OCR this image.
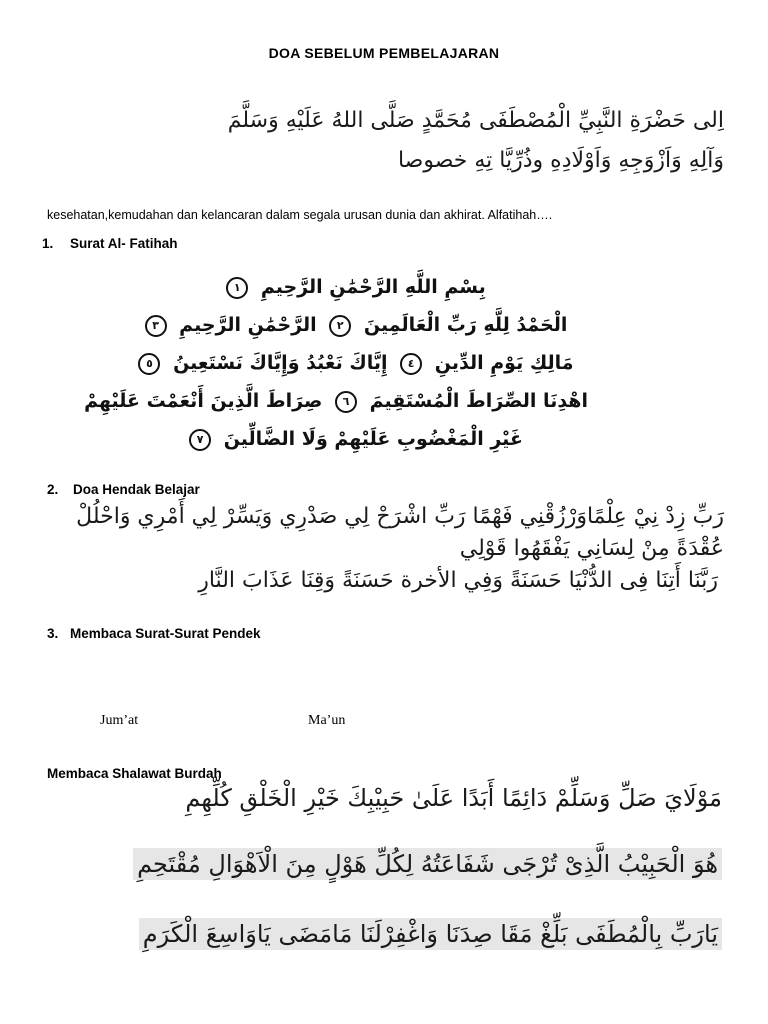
DOA SEBELUM PEMBELAJARAN
اِلى حَضْرَةِ النَّبِيِّ الْمُصْطَفَى مُحَمَّدٍ صَلَّى اللهُ عَلَيْهِ وَسَلَّمَ
وَآلِهِ وَاَزْوَجِهِ وَاَوْلَادِهِ وذُرِّيَّا تِهِ خصوصا
kesehatan,kemudahan dan kelancaran dalam segala urusan dunia dan akhirat. Alfatihah….
1. Surat Al- Fatihah
بِسْمِ اللَّهِ الرَّحْمَٰنِ الرَّحِيمِ ١
الْحَمْدُ لِلَّهِ رَبِّ الْعَالَمِينَ ٢ الرَّحْمَٰنِ الرَّحِيمِ ٣
مَالِكِ يَوْمِ الدِّينِ ٤ إِيَّاكَ نَعْبُدُ وَإِيَّاكَ نَسْتَعِينُ ٥
اهْدِنَا الصِّرَاطَ الْمُسْتَقِيمَ ٦ صِرَاطَ الَّذِينَ أَنْعَمْتَ عَلَيْهِمْ
غَيْرِ الْمَغْضُوبِ عَلَيْهِمْ وَلَا الضَّالِّينَ ٧
2. Doa Hendak Belajar
رَبِّ زِدْ نِيْ عِلْمًاوَرْزُقْنِي فَهْمًا رَبِّ اشْرَحْ لِي صَدْرِي وَيَسِّرْ لِي أَمْرِي وَاحْلُلْ
عُقْدَةً مِنْ لِسَانِي يَفْقَهُوا قَوْلِي
رَبَّنَا أَتِنَا فِى الدُّنْيَا حَسَنَةً وَفِي الأخرة حَسَنَةً وَقِنَا عَذَابَ النَّارِ
3. Membaca Surat-Surat Pendek
Jum’at	Ma’un
Membaca Shalawat Burdah
مَوْلَايَ صَلِّ وَسَلِّمْ دَائِمًا أَبَدًا عَلَىٰ حَبِيْبِكَ خَيْرِ الْخَلْقِ كُلِّهِمِ
هُوَ الْحَبِيْبُ الَّذِىْ تُرْجَى شَفَاعَتُهُ لِكُلِّ هَوْلٍ مِنَ الْاَهْوَالِ مُقْتَحِمِ
يَارَبِّ بِالْمُطَفَى بَلِّغْ مَقَا صِدَنَا وَاغْفِرْلَنَا مَامَضَى يَاوَاسِعَ الْكَرَمِ
